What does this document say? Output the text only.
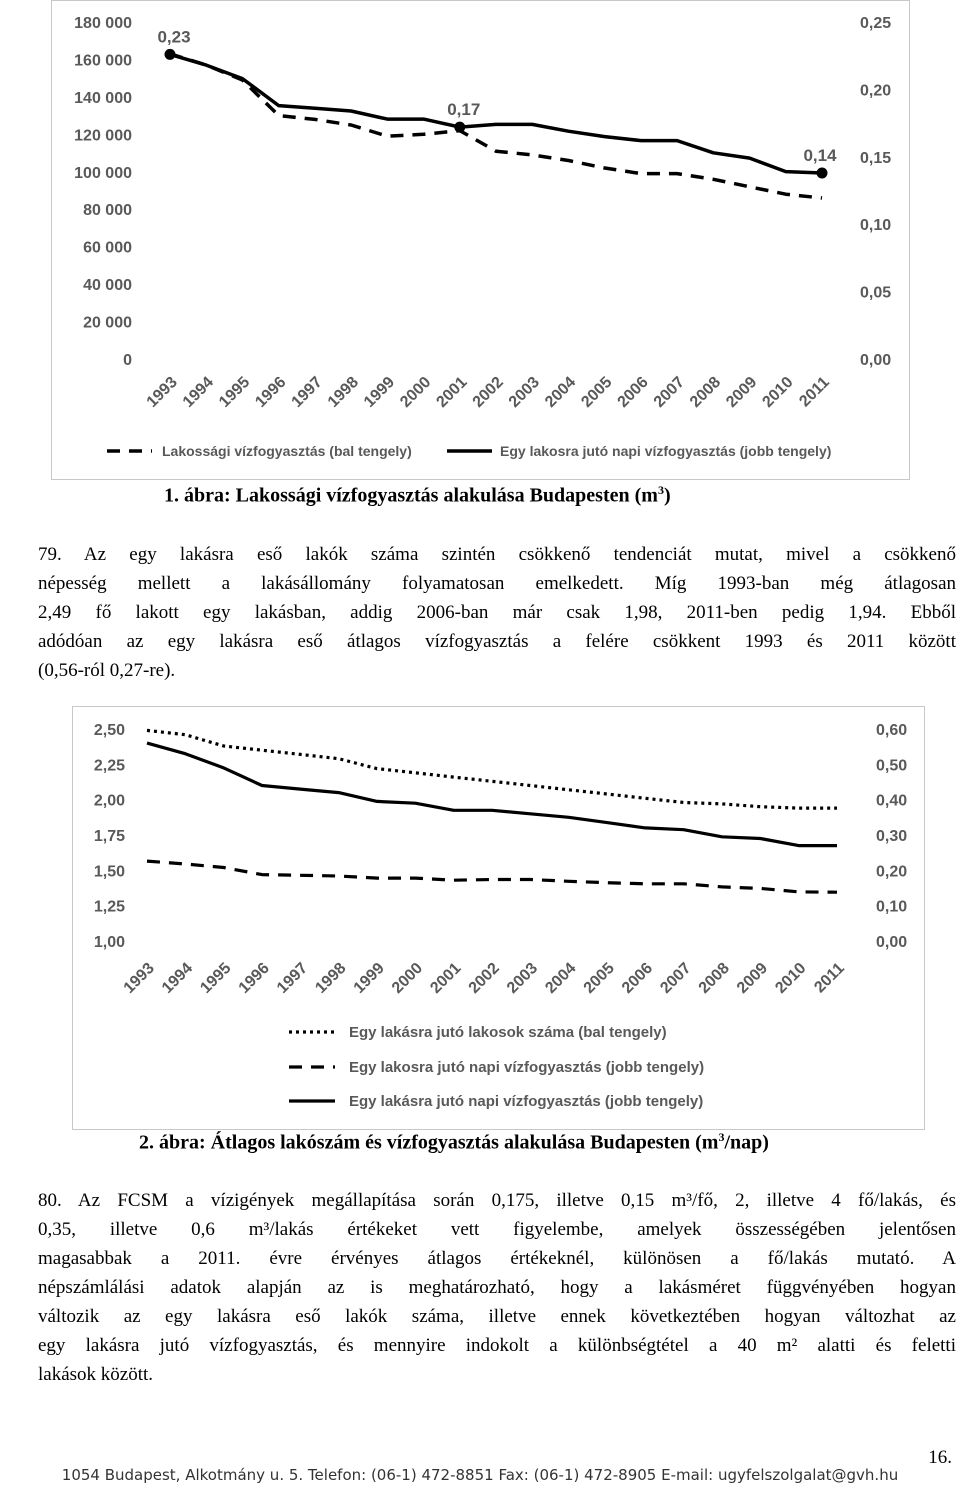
180 000
160 000
140 000
120 000
100 000
80 000
60 000
40 000
20 000
0
0,25
0,20
0,15
0,10
0,05
0,00
1993 1994 1995 1996 1997 1998 1999 2000 2001 2002 2003 2004 2005 2006 2007 2008 2009 2010 2011
0,23
0,17
0,14
Lakossági vízfogyasztás (bal tengely)	Egy lakosra jutó napi vízfogyasztás (jobb tengely)
1. ábra: Lakossági vízfogyasztás alakulása Budapesten $(m^3)$
79. Az egy lakásra eső lakók száma szintén csökkenő tendenciát mutat, mivel a csökkenő
népesség mellett a lakásállomány folyamatosan emelkedett. Míg 1993-ban még átlagosan
2,49 fő lakott egy lakásban, addig 2006-ban már csak 1,98, 2011-ben pedig 1,94. Ebből
adódóan az egy lakásra eső átlagos vízfogyasztás a felére csökkent 1993 és 2011 között
(0,56-ról 0,27-re).
2,50
2,25
2,00
1,75
1,50
1,25
1,00
0,60
0,50
0,40
0,30
0,20
0,10
0,00
1993 1994 1995 1996 1997 1998 1999 2000 2001 2002 2003 2004 2005 2006 2007 2008 2009 2010 2011
Egy lakásra jutó lakosok száma (bal tengely)
Egy lakosra jutó napi vízfogyasztás (jobb tengely)
Egy lakásra jutó napi vízfogyasztás (jobb tengely)
2. ábra: Átlagos lakószám és vízfogyasztás alakulása Budapesten $(m^3/nap)$
80. Az FCSM a vízigények megállapítása során 0,175, illetve 0,15 m³/fő, 2, illetve 4 fő/lakás, és
0,35, illetve 0,6 m³/lakás értékeket vett figyelembe, amelyek összességében jelentősen
magasabbak a 2011. évre érvényes átlagos értékeknél, különösen a fő/lakás mutató. A
népszámlálási adatok alapján az is meghatározható, hogy a lakásméret függvényében hogyan
változik az egy lakásra eső lakók száma, illetve ennek következtében hogyan változhat az
egy lakásra jutó vízfogyasztás, és mennyire indokolt a különbségtétel a 40 m² alatti és feletti
lakások között.
16.
1054 Budapest, Alkotmány u. 5. Telefon: (06-1) 472-8851 Fax: (06-1) 472-8905 E-mail: ugyfelszolgalat@gvh.hu
